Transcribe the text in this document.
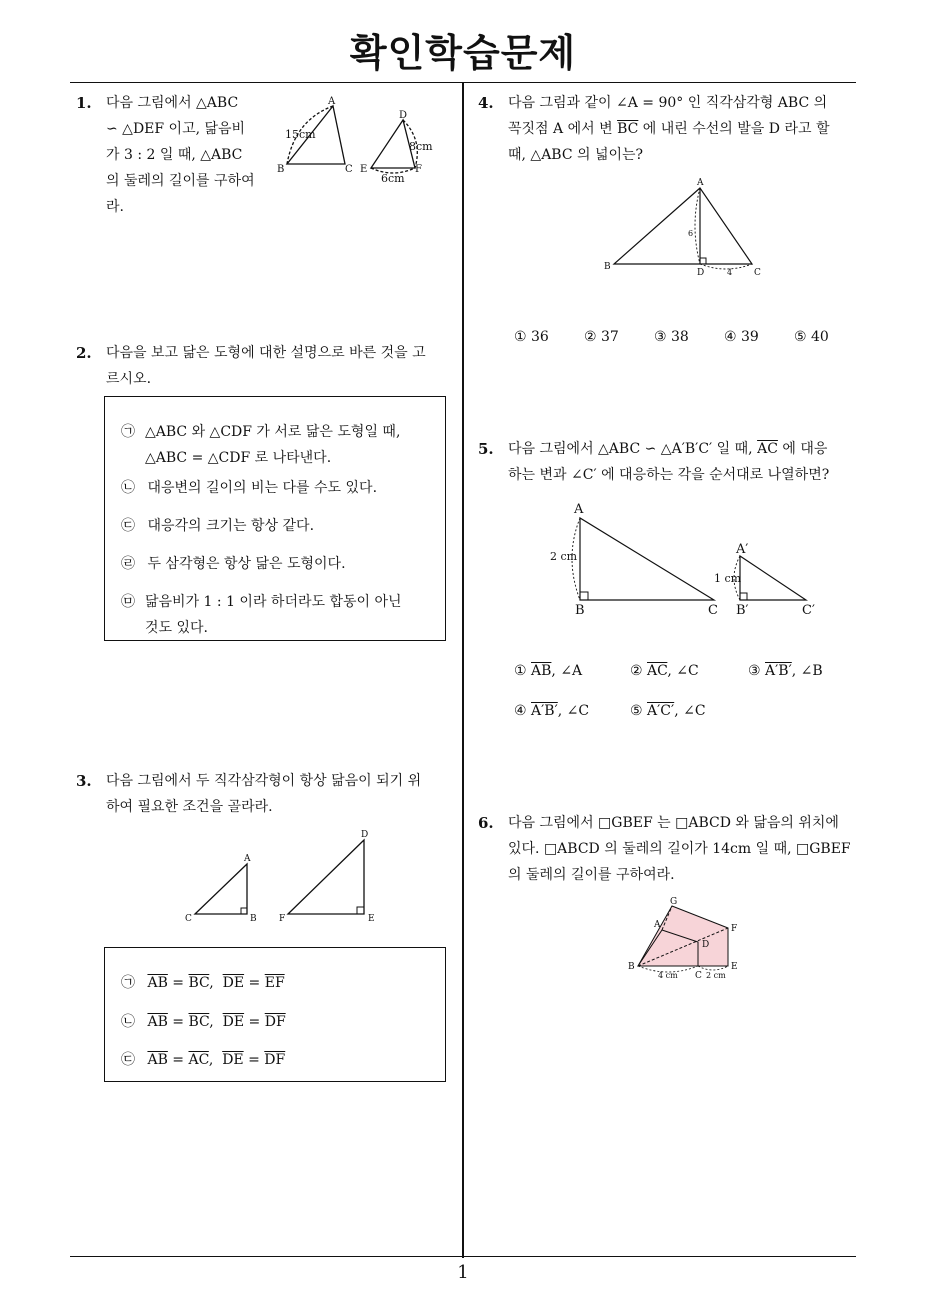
확인학습문제
1
1. 다음 그림에서 △ABC
∽ △DEF 이고, 닮음비
가 3 : 2 일 때, △ABC
의 둘레의 길이를 구하여
라.
A
B	C
15cm
D
E	F
8cm
6cm
2. 다음을 보고 닮은 도형에 대한 설명으로 바른 것을 고
르시오.
㉠ △ABC 와 △CDF 가 서로 닮은 도형일 때,
△ABC = △CDF 로 나타낸다.
㉡ 대응변의 길이의 비는 다를 수도 있다.
㉢ 대응각의 크기는 항상 같다.
㉣ 두 삼각형은 항상 닮은 도형이다.
㉤ 닮음비가 1 : 1 이라 하더라도 합동이 아닌
것도 있다.
3. 다음 그림에서 두 직각삼각형이 항상 닮음이 되기 위
하여 필요한 조건을 골라라.
A
B
C
D
E
F
㉠ $\overline{AB} = \overline{BC}$,  $\overline{DE} = \overline{EF}$
㉡ $\overline{AB} = \overline{BC}$,  $\overline{DE} = \overline{DF}$
㉢ $\overline{AB} = \overline{AC}$,  $\overline{DE} = \overline{DF}$
4. 다음 그림과 같이 ∠A = 90° 인 직각삼각형 ABC 의
꼭짓점 A 에서 변 $\overline{BC}$ 에 내린 수선의 발을 D 라고 할
때, △ABC 의 넓이는?
A
B
C
D
6
4
① 36	② 37	③ 38	④ 39	⑤ 40
5. 다음 그림에서 △ABC ∽ △A′B′C′ 일 때, $\overline{AC}$ 에 대응
하는 변과 ∠C′ 에 대응하는 각을 순서대로 나열하면?
A
B	C
2 cm	A′
B′	C′
1 cm
① $\overline{AB}$, ∠A	② $\overline{AC}$, ∠C	③ A′B′, ∠B
④ A′B′, ∠C	⑤ A′C′, ∠C
6. 다음 그림에서 □GBEF 는 □ABCD 와 닮음의 위치에
있다. □ABCD 의 둘레의 길이가 14cm 일 때, □GBEF
의 둘레의 길이를 구하여라.
G
A	F
D
B
C
E
4 cm	2 cm
